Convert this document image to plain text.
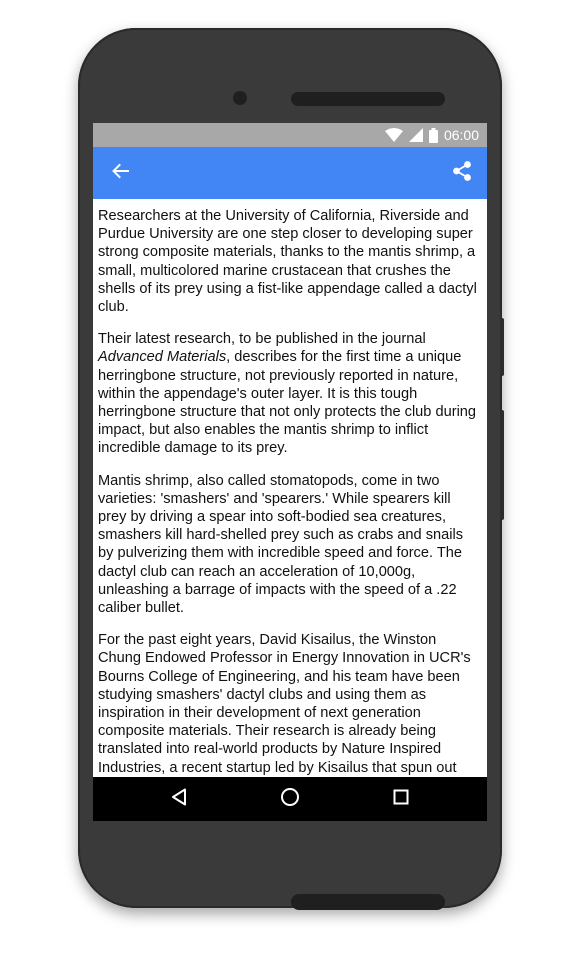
06:00

Researchers at the University of California, Riverside and Purdue University are one step closer to developing super strong composite materials, thanks to the mantis shrimp, a small, multicolored marine crustacean that crushes the shells of its prey using a fist-like appendage called a dactyl club.

Their latest research, to be published in the journal Advanced Materials, describes for the first time a unique herringbone structure, not previously reported in nature, within the appendage's outer layer. It is this tough herringbone structure that not only protects the club during impact, but also enables the mantis shrimp to inflict incredible damage to its prey.

Mantis shrimp, also called stomatopods, come in two varieties: 'smashers' and 'spearers.' While spearers kill prey by driving a spear into soft-bodied sea creatures, smashers kill hard-shelled prey such as crabs and snails by pulverizing them with incredible speed and force. The dactyl club can reach an acceleration of 10,000g, unleashing a barrage of impacts with the speed of a .22 caliber bullet.

For the past eight years, David Kisailus, the Winston Chung Endowed Professor in Energy Innovation in UCR's Bourns College of Engineering, and his team have been studying smashers' dactyl clubs and using them as inspiration in their development of next generation composite materials. Their research is already being translated into real-world products by Nature Inspired Industries, a recent startup led by Kisailus that spun out
